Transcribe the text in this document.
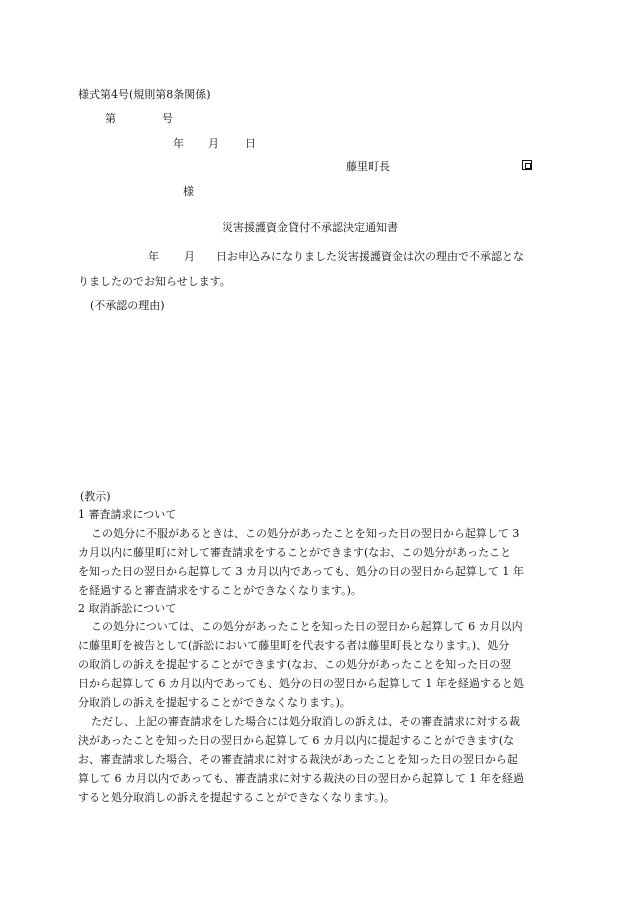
様式第4号(規則第8条関係)
第	号
年 月 日
藤里町長
様
災害援護資金貸付不承認決定通知書
年 月 日お申込みになりました災害援護資金は次の理由で不承認とな
りましたのでお知らせします。
(不承認の理由)
(教示)
1 審査請求について
この処分に不服があるときは、この処分があったことを知った日の翌日から起算して 3
カ月以内に藤里町に対して審査請求をすることができます(なお、この処分があったこと
を知った日の翌日から起算して 3 カ月以内であっても、処分の日の翌日から起算して 1 年
を経過すると審査請求をすることができなくなります。)。
2 取消訴訟について
この処分については、この処分があったことを知った日の翌日から起算して 6 カ月以内
に藤里町を被告として(訴訟において藤里町を代表する者は藤里町長となります。)、処分
の取消しの訴えを提起することができます(なお、この処分があったことを知った日の翌
日から起算して 6 カ月以内であっても、処分の日の翌日から起算して 1 年を経過すると処
分取消しの訴えを提起することができなくなります。)。
ただし、上記の審査請求をした場合には処分取消しの訴えは、その審査請求に対する裁
決があったことを知った日の翌日から起算して 6 カ月以内に提起することができます(な
お、審査請求した場合、その審査請求に対する裁決があったことを知った日の翌日から起
算して 6 カ月以内であっても、審査請求に対する裁決の日の翌日から起算して 1 年を経過
すると処分取消しの訴えを提起することができなくなります。)。
